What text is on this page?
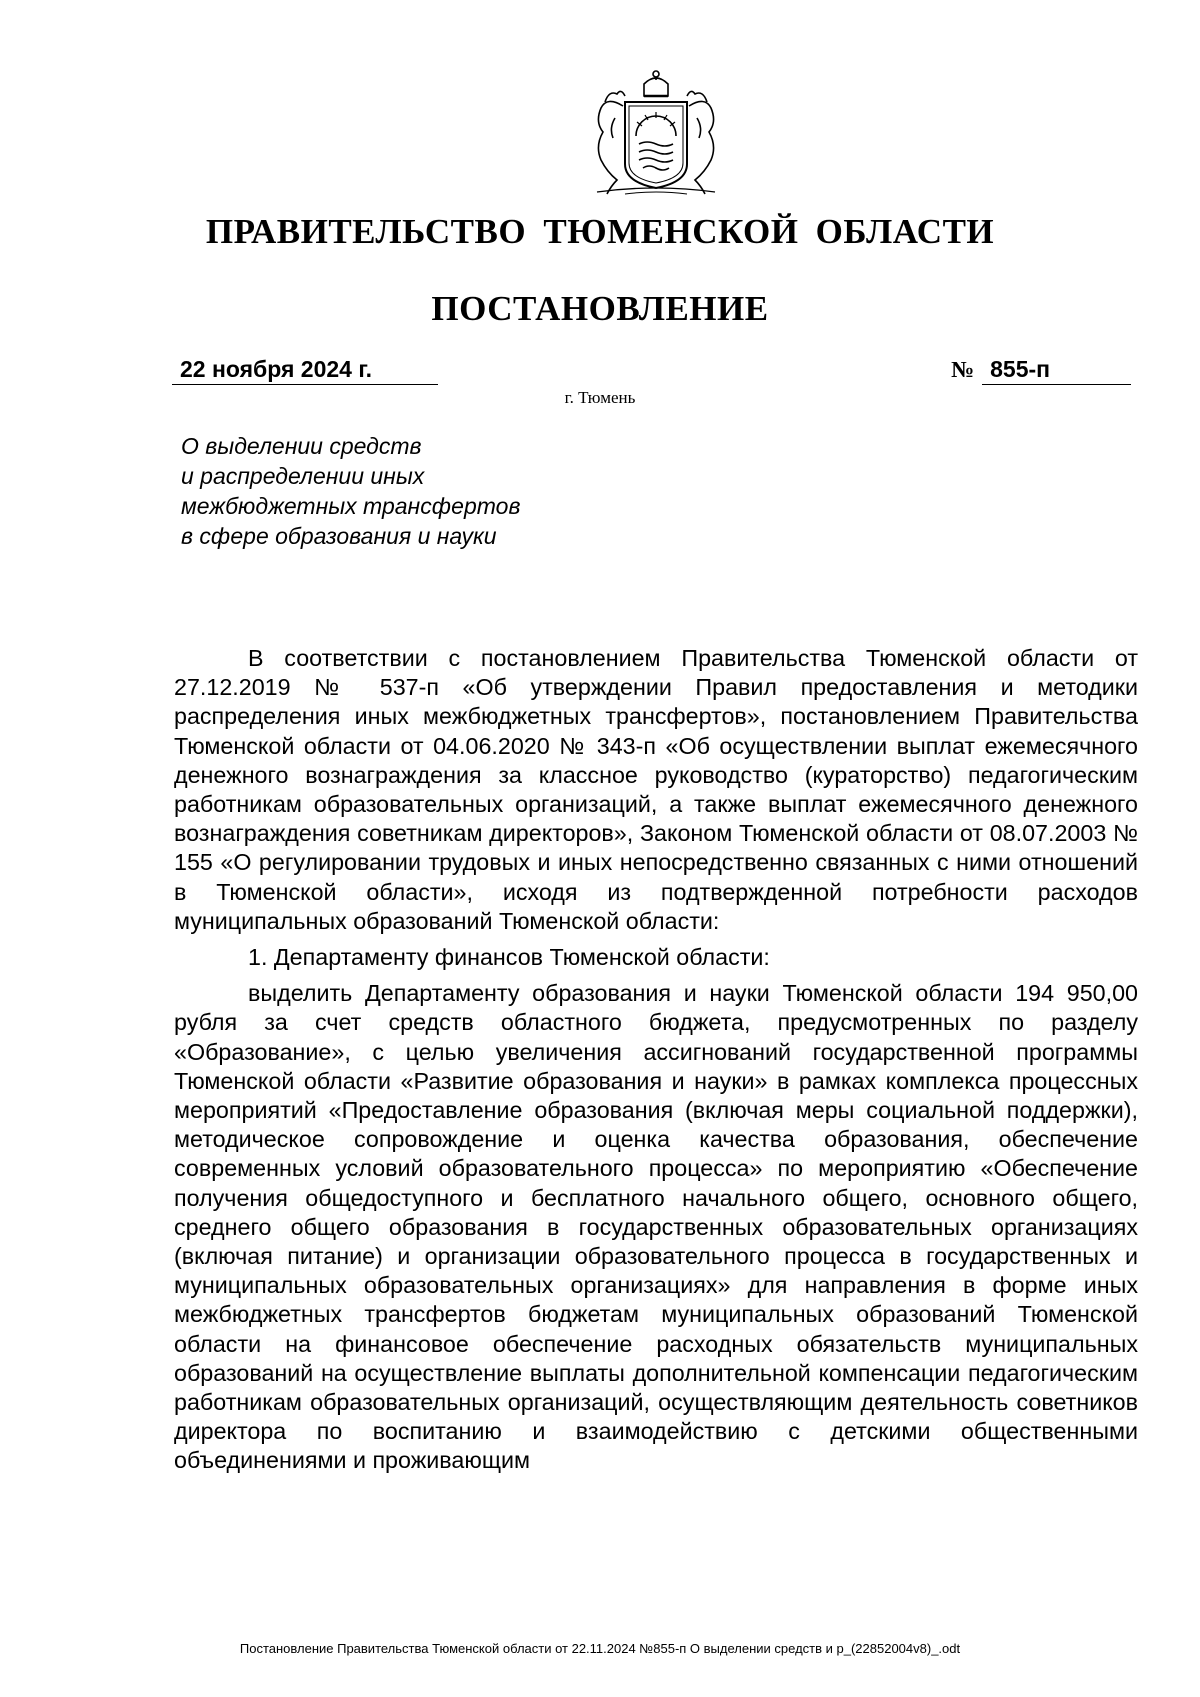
ПРАВИТЕЛЬСТВО ТЮМЕНСКОЙ ОБЛАСТИ
ПОСТАНОВЛЕНИЕ
22 ноября 2024 г.	№ 855-п
г. Тюмень
О выделении средств
и распределении иных
межбюджетных трансфертов
в сфере образования и науки

В соответствии с постановлением Правительства Тюменской области от 27.12.2019 № 537-п «Об утверждении Правил предоставления и методики распределения иных межбюджетных трансфертов», постановлением Правительства Тюменской области от 04.06.2020 № 343-п «Об осуществлении выплат ежемесячного денежного вознаграждения за классное руководство (кураторство) педагогическим работникам образовательных организаций, а также выплат ежемесячного денежного вознаграждения советникам директоров», Законом Тюменской области от 08.07.2003 № 155 «О регулировании трудовых и иных непосредственно связанных с ними отношений в Тюменской области», исходя из подтвержденной потребности расходов муниципальных образований Тюменской области:

1. Департаменту финансов Тюменской области:

выделить Департаменту образования и науки Тюменской области 194 950,00 рубля за счет средств областного бюджета, предусмотренных по разделу «Образование», с целью увеличения ассигнований государственной программы Тюменской области «Развитие образования и науки» в рамках комплекса процессных мероприятий «Предоставление образования (включая меры социальной поддержки), методическое сопровождение и оценка качества образования, обеспечение современных условий образовательного процесса» по мероприятию «Обеспечение получения общедоступного и бесплатного начального общего, основного общего, среднего общего образования в государственных образовательных организациях (включая питание) и организации образовательного процесса в государственных и муниципальных образовательных организациях» для направления в форме иных межбюджетных трансфертов бюджетам муниципальных образований Тюменской области на финансовое обеспечение расходных обязательств муниципальных образований на осуществление выплаты дополнительной компенсации педагогическим работникам образовательных организаций, осуществляющим деятельность советников директора по воспитанию и взаимодействию с детскими общественными объединениями и проживающим

Постановление Правительства Тюменской области от 22.11.2024 №855-п О выделении средств и р_(22852004v8)_.odt
